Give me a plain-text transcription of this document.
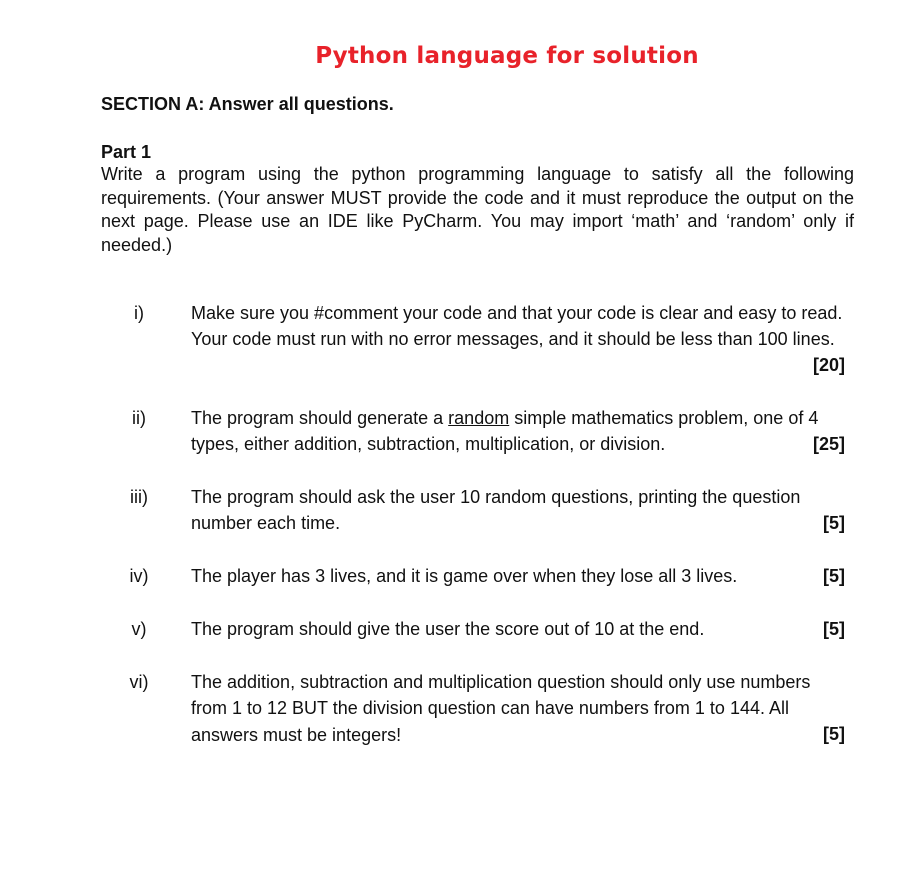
Python language for solution
SECTION A: Answer all questions.
Part 1
Write a program using the python programming language to satisfy all the following requirements. (Your answer MUST provide the code and it must reproduce the output on the next page. Please use an IDE like PyCharm. You may import ‘math’ and ‘random’ only if needed.)
i)	Make sure you #comment your code and that your code is clear and easy to read. Your code must run with no error messages, and it should be less than 100 lines.
[20]
ii)	The program should generate a random simple mathematics problem, one of 4 types, either addition, subtraction, multiplication, or division.	[25]
iii)	The program should ask the user 10 random questions, printing the question number each time.	[5]
iv)	The player has 3 lives, and it is game over when they lose all 3 lives.	[5]
v)	The program should give the user the score out of 10 at the end.	[5]
vi)	The addition, subtraction and multiplication question should only use numbers from 1 to 12 BUT the division question can have numbers from 1 to 144. All answers must be integers!	[5]
